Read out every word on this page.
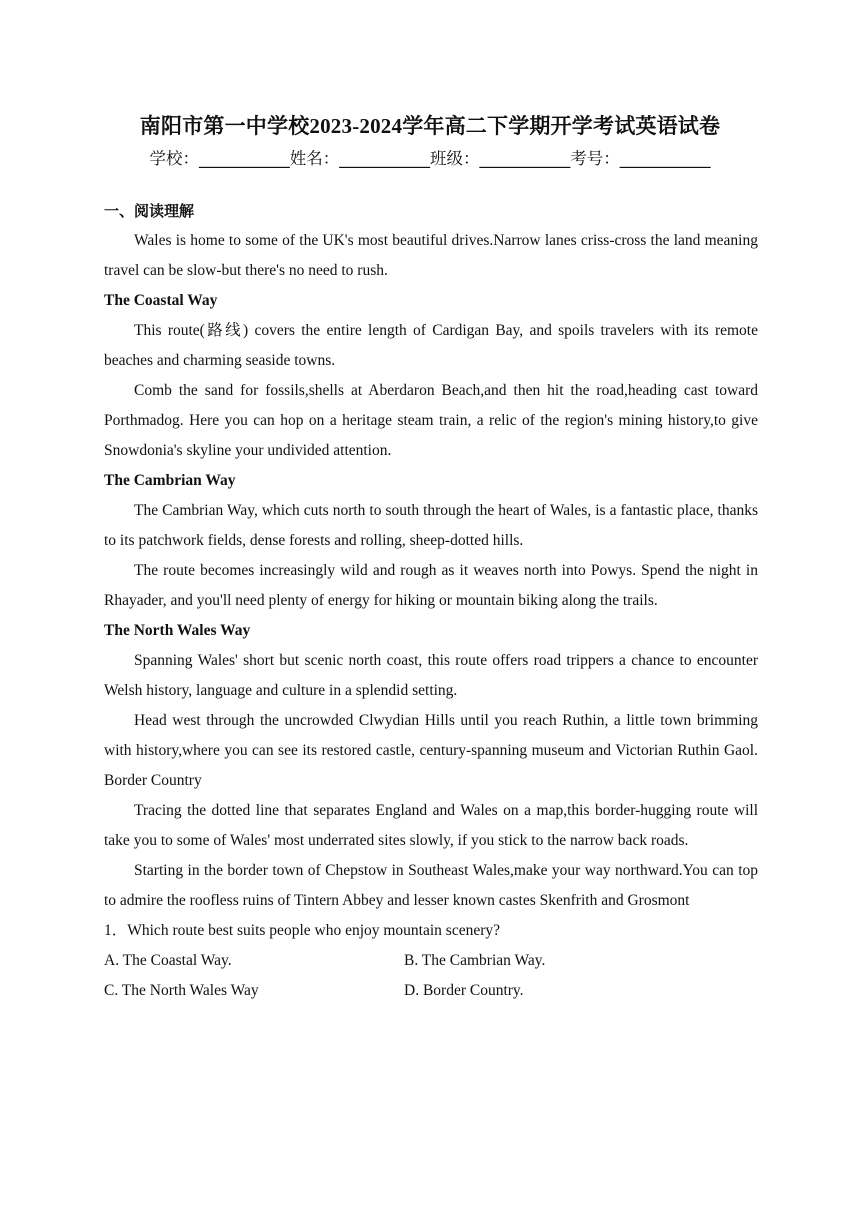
南阳市第一中学校2023-2024学年高二下学期开学考试英语试卷
学校：___________姓名：___________班级：___________考号：___________
一、阅读理解

Wales is home to some of the UK's most beautiful drives.Narrow lanes criss-cross the land meaning travel can be slow-but there's no need to rush.

The Coastal Way

This route(路线) covers the entire length of Cardigan Bay, and spoils travelers with its remote beaches and charming seaside towns.

Comb the sand for fossils,shells at Aberdaron Beach,and then hit the road,heading cast toward Porthmadog. Here you can hop on a heritage steam train, a relic of the region's mining history,to give Snowdonia's skyline your undivided attention.

The Cambrian Way

The Cambrian Way, which cuts north to south through the heart of Wales, is a fantastic place, thanks to its patchwork fields, dense forests and rolling, sheep-dotted hills.

The route becomes increasingly wild and rough as it weaves north into Powys. Spend the night in Rhayader, and you'll need plenty of energy for hiking or mountain biking along the trails.

The North Wales Way

Spanning Wales' short but scenic north coast, this route offers road trippers a chance to encounter Welsh history, language and culture in a splendid setting.

Head west through the uncrowded Clwydian Hills until you reach Ruthin, a little town brimming with history,where you can see its restored castle, century-spanning museum and Victorian Ruthin Gaol. Border Country

Tracing the dotted line that separates England and Wales on a map,this border-hugging route will take you to some of Wales' most underrated sites slowly, if you stick to the narrow back roads.

Starting in the border town of Chepstow in Southeast Wales,make your way northward.You can top to admire the roofless ruins of Tintern Abbey and lesser known castes Skenfrith and Grosmont

1．Which route best suits people who enjoy mountain scenery?

A. The Coastal Way.	B. The Cambrian Way.
C. The North Wales Way	D. Border Country.
